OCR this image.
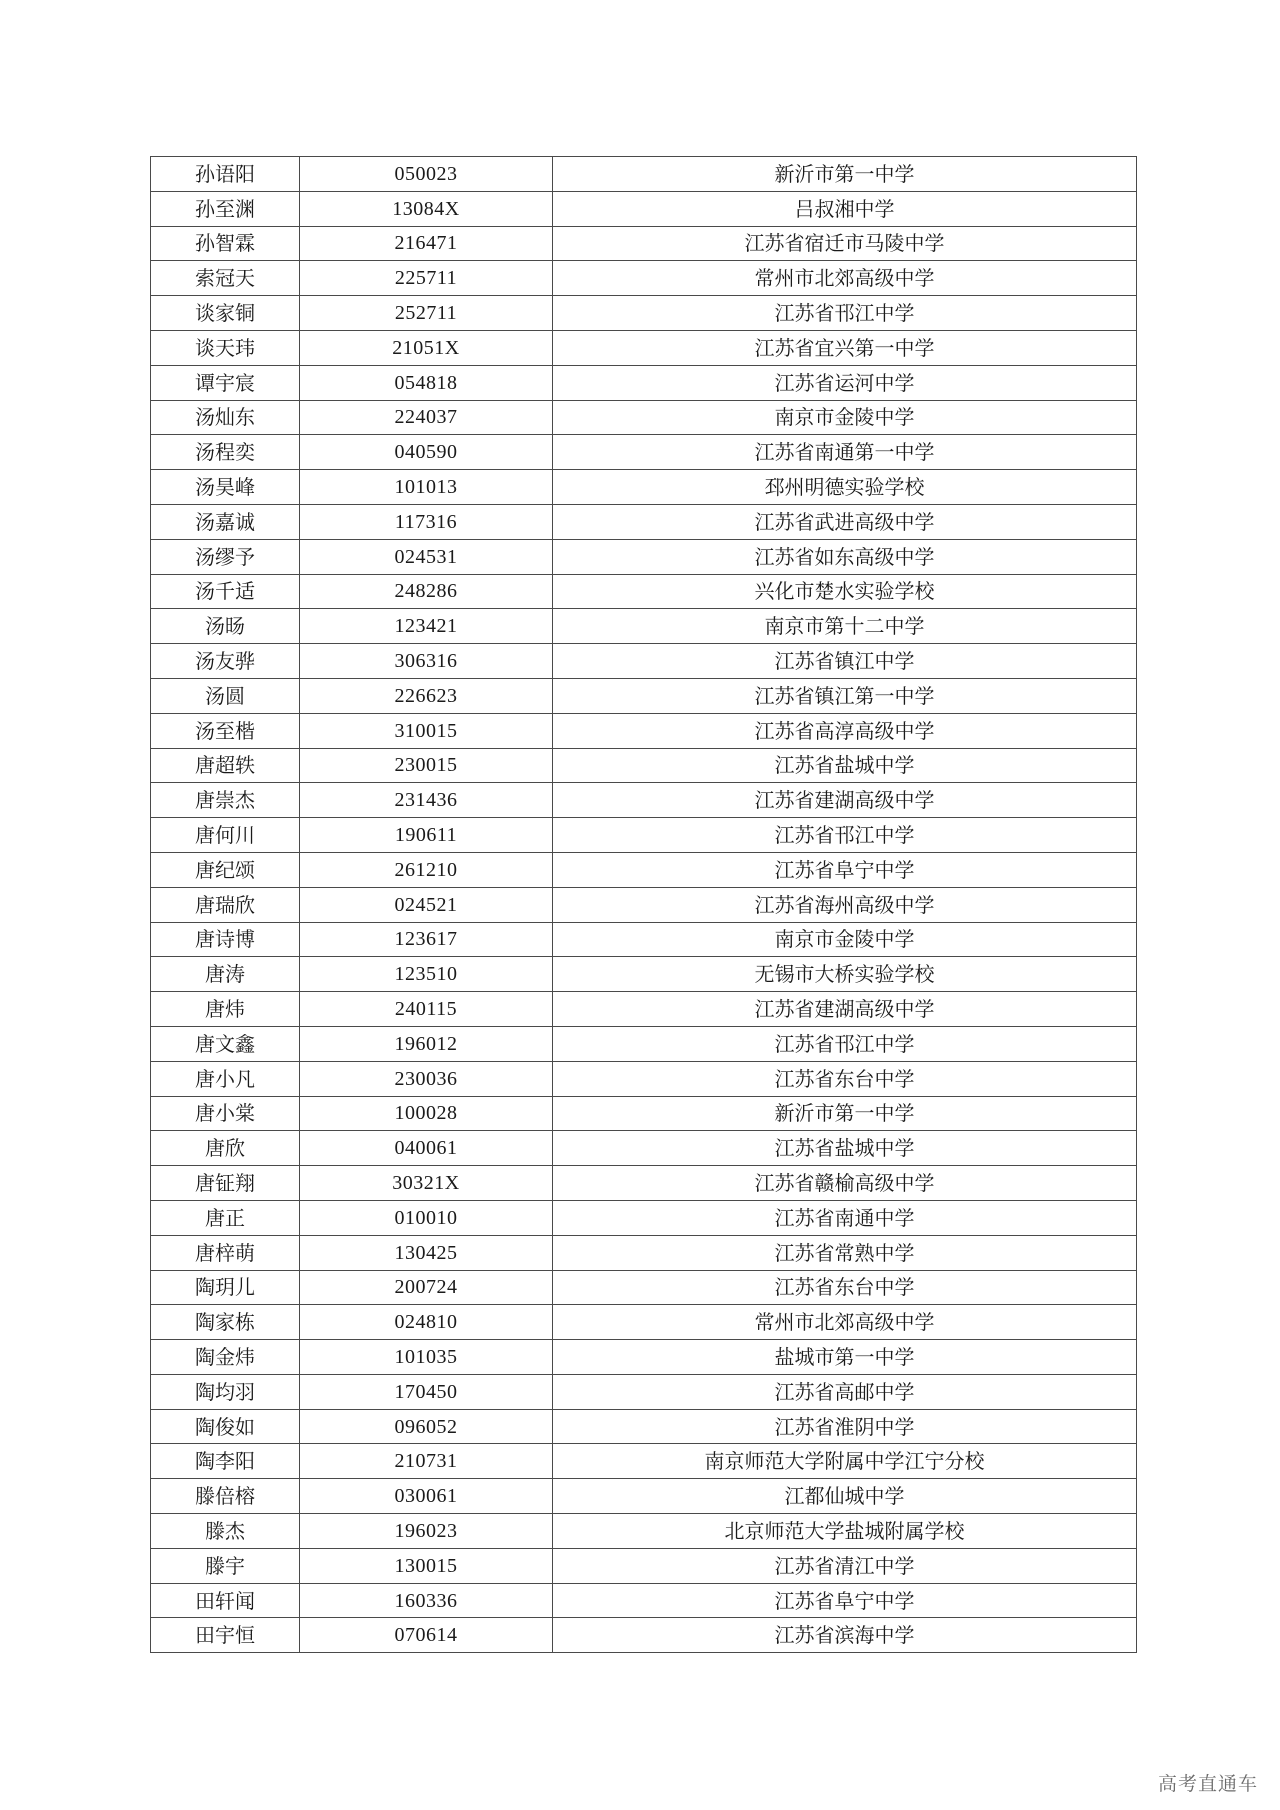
孙语阳	050023	新沂市第一中学
孙至渊	13084X	吕叔湘中学
孙智霖	216471	江苏省宿迁市马陵中学
索冠天	225711	常州市北郊高级中学
谈家铜	252711	江苏省邗江中学
谈天玮	21051X	江苏省宜兴第一中学
谭宇宸	054818	江苏省运河中学
汤灿东	224037	南京市金陵中学
汤程奕	040590	江苏省南通第一中学
汤昊峰	101013	邳州明德实验学校
汤嘉诚	117316	江苏省武进高级中学
汤缪予	024531	江苏省如东高级中学
汤千适	248286	兴化市楚水实验学校
汤旸	123421	南京市第十二中学
汤友骅	306316	江苏省镇江中学
汤圆	226623	江苏省镇江第一中学
汤至楷	310015	江苏省高淳高级中学
唐超轶	230015	江苏省盐城中学
唐崇杰	231436	江苏省建湖高级中学
唐何川	190611	江苏省邗江中学
唐纪颂	261210	江苏省阜宁中学
唐瑞欣	024521	江苏省海州高级中学
唐诗博	123617	南京市金陵中学
唐涛	123510	无锡市大桥实验学校
唐炜	240115	江苏省建湖高级中学
唐文鑫	196012	江苏省邗江中学
唐小凡	230036	江苏省东台中学
唐小棠	100028	新沂市第一中学
唐欣	040061	江苏省盐城中学
唐钲翔	30321X	江苏省赣榆高级中学
唐正	010010	江苏省南通中学
唐梓萌	130425	江苏省常熟中学
陶玥儿	200724	江苏省东台中学
陶家栋	024810	常州市北郊高级中学
陶金炜	101035	盐城市第一中学
陶均羽	170450	江苏省高邮中学
陶俊如	096052	江苏省淮阴中学
陶李阳	210731	南京师范大学附属中学江宁分校
滕倍榕	030061	江都仙城中学
滕杰	196023	北京师范大学盐城附属学校
滕宇	130015	江苏省清江中学
田轩闻	160336	江苏省阜宁中学
田宇恒	070614	江苏省滨海中学
高考直通车
